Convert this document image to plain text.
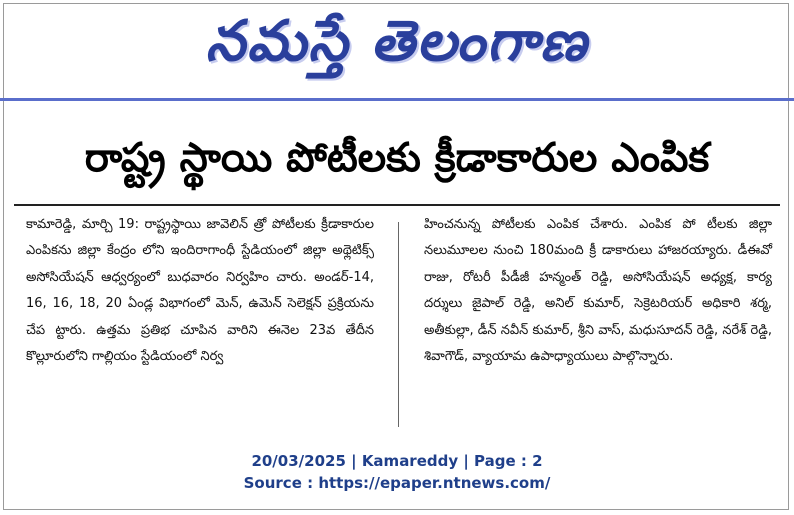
నమస్తే తెలంగాణ
రాష్ట్ర స్థాయి పోటీలకు క్రీడాకారుల ఎంపిక
కామారెడ్డి, మార్చి 19: రాష్ట్రస్థాయి జావెలిన్ త్రో పోటీలకు క్రీడాకారుల ఎంపికను జిల్లా కేంద్రం లోని ఇందిరాగాంధీ స్టేడియంలో జిల్లా అథ్లెటిక్స్ అసోసియేషన్ ఆధ్వర్యంలో బుధవారం నిర్వహిం చారు. అండర్-14, 16, 16, 18, 20 ఏండ్ల విభాగంలో మెన్, ఉమెన్ సెలెక్షన్ ప్రక్రియను చేప ట్టారు. ఉత్తమ ప్రతిభ చూపిన వారిని ఈనెల 23వ తేదీన కొల్లూరులోని గాల్లియం స్టేడియంలో నిర్వ
హించనున్న పోటీలకు ఎంపిక చేశారు. ఎంపిక పో టీలకు జిల్లా నలుమూలల నుంచి 180మంది క్రీ డాకారులు హాజరయ్యారు. డీఈవో రాజు, రోటరీ పీడీజీ హన్మంత్ రెడ్డి, అసోసియేషన్ అధ్యక్ష, కార్య దర్శులు జైపాల్ రెడ్డి, అనిల్ కుమార్, సెక్రెటరియర్ అధికారి శర్మ, అతీకుల్లా, డీన్ నవీన్ కుమార్, శ్రీని వాస్, మధుసూదన్ రెడ్డి, నరేశ్ రెడ్డి, శివాగౌడ్, వ్యాయామ ఉపాధ్యాయులు పాల్గొన్నారు.
20/03/2025 | Kamareddy | Page : 2
Source : https://epaper.ntnews.com/
